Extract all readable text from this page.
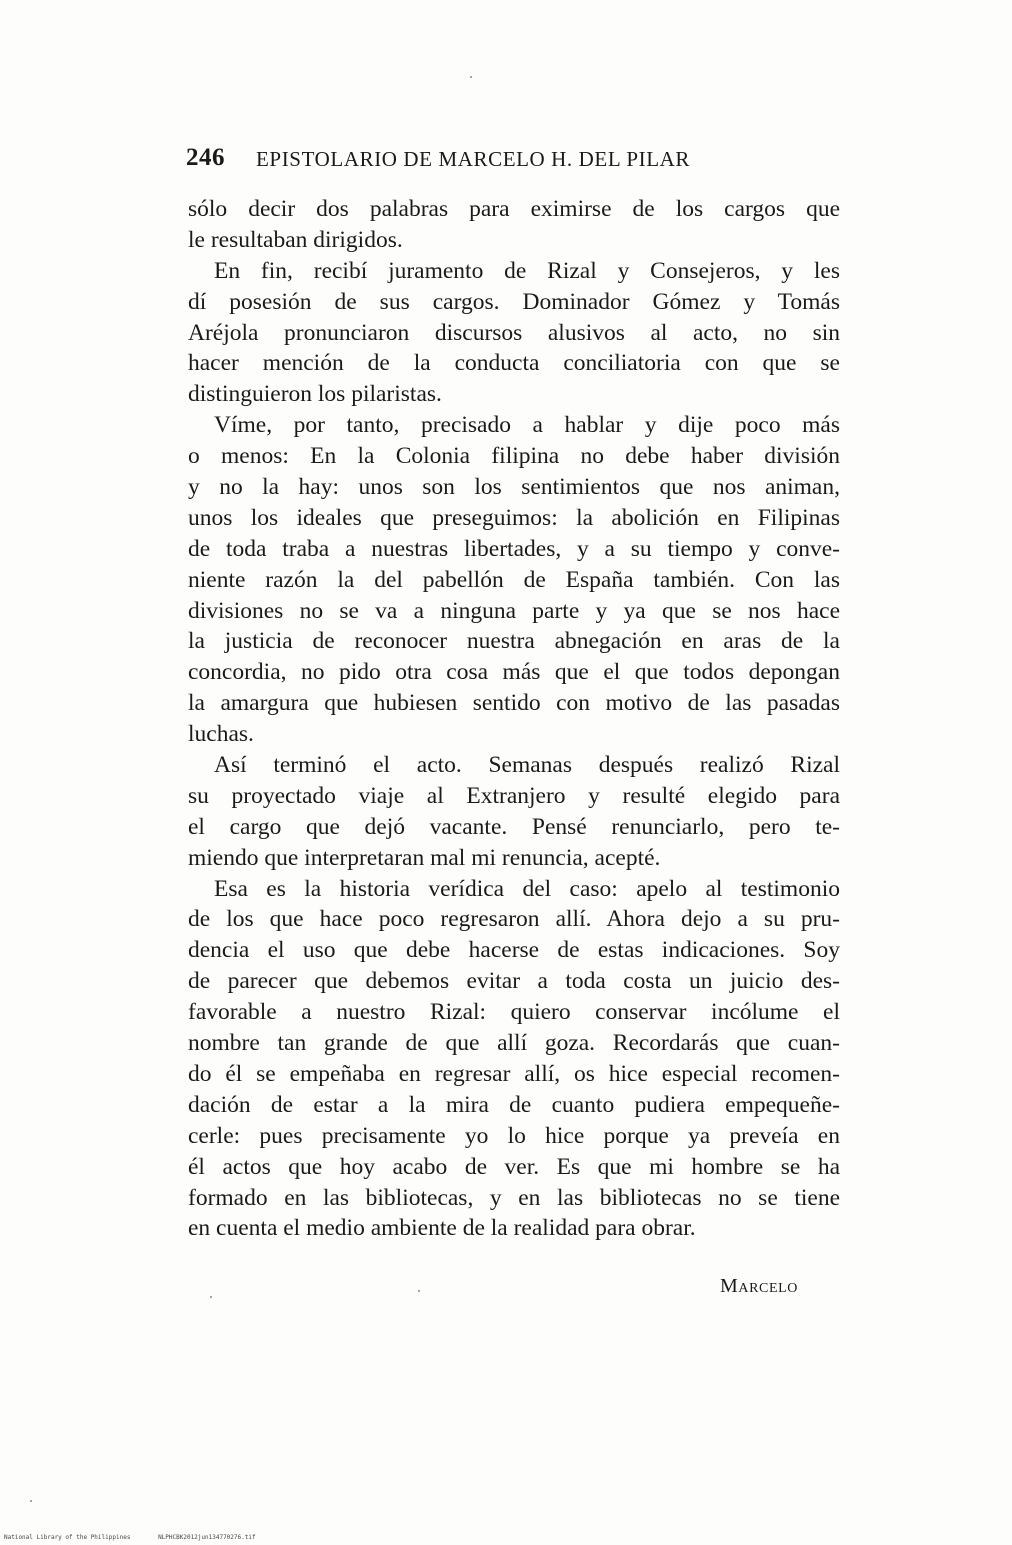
246 EPISTOLARIO DE MARCELO H. DEL PILAR
sólo decir dos palabras para eximirse de los cargos que
le resultaban dirigidos.
En fin, recibí juramento de Rizal y Consejeros, y les
dí posesión de sus cargos. Dominador Gómez y Tomás
Aréjola pronunciaron discursos alusivos al acto, no sin
hacer mención de la conducta conciliatoria con que se
distinguieron los pilaristas.
Víme, por tanto, precisado a hablar y dije poco más
o menos: En la Colonia filipina no debe haber división
y no la hay: unos son los sentimientos que nos animan,
unos los ideales que preseguimos: la abolición en Filipinas
de toda traba a nuestras libertades, y a su tiempo y conve-
niente razón la del pabellón de España también. Con las
divisiones no se va a ninguna parte y ya que se nos hace
la justicia de reconocer nuestra abnegación en aras de la
concordia, no pido otra cosa más que el que todos depongan
la amargura que hubiesen sentido con motivo de las pasadas
luchas.
Así terminó el acto. Semanas después realizó Rizal
su proyectado viaje al Extranjero y resulté elegido para
el cargo que dejó vacante. Pensé renunciarlo, pero te-
miendo que interpretaran mal mi renuncia, acepté.
Esa es la historia verídica del caso: apelo al testimonio
de los que hace poco regresaron allí. Ahora dejo a su pru-
dencia el uso que debe hacerse de estas indicaciones. Soy
de parecer que debemos evitar a toda costa un juicio des-
favorable a nuestro Rizal: quiero conservar incólume el
nombre tan grande de que allí goza. Recordarás que cuan-
do él se empeñaba en regresar allí, os hice especial recomen-
dación de estar a la mira de cuanto pudiera empequeñe-
cerle: pues precisamente yo lo hice porque ya preveía en
él actos que hoy acabo de ver. Es que mi hombre se ha
formado en las bibliotecas, y en las bibliotecas no se tiene
en cuenta el medio ambiente de la realidad para obrar.
Marcelo
National Library of the Philippines	NLPHCBK2012jun134770276.tif
